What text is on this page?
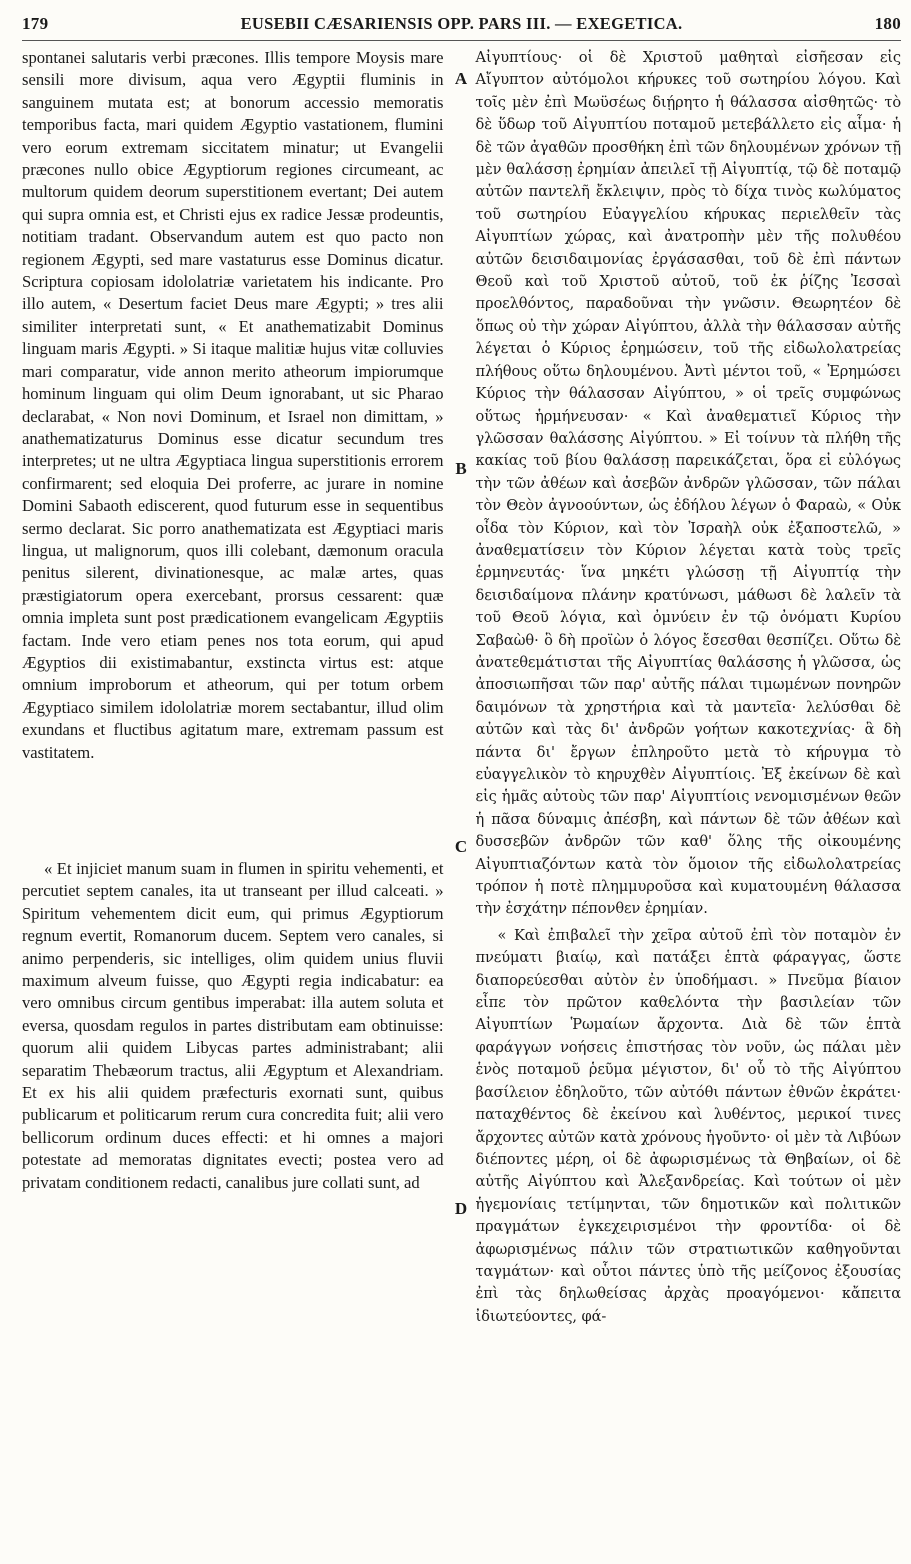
179	EUSEBII CÆSARIENSIS OPP. PARS III. — EXEGETICA.	180

spontanei salutaris verbi præcones. Illis tempore Moysis mare sensili more divisum, aqua vero Ægyptii fluminis in sanguinem mutata est; at bonorum accessio memoratis temporibus facta, mari quidem Ægyptio vastationem, flumini vero eorum extremam siccitatem minatur; ut Evangelii præcones nullo obice Ægyptiorum regiones circumeant, ac multorum quidem deorum superstitionem evertant; Dei autem qui supra omnia est, et Christi ejus ex radice Jessæ prodeuntis, notitiam tradant. Observandum autem est quo pacto non regionem Ægypti, sed mare vastaturus esse Dominus dicatur. Scriptura copiosam idololatriæ varietatem his indicante. Pro illo autem, « Desertum faciet Deus mare Ægypti; » tres alii similiter interpretati sunt, « Et anathematizabit Dominus linguam maris Ægypti. » Si itaque malitiæ hujus vitæ colluvies mari comparatur, vide annon merito atheorum impiorumque hominum linguam qui olim Deum ignorabant, ut sic Pharao declarabat, « Non novi Dominum, et Israel non dimittam, » anathematizaturus Dominus esse dicatur secundum tres interpretes; ut ne ultra Ægyptiaca lingua superstitionis errorem confirmarent; sed eloquia Dei proferre, ac jurare in nomine Domini Sabaoth ediscerent, quod futurum esse in sequentibus sermo declarat. Sic porro anathematizata est Ægyptiaci maris lingua, ut malignorum, quos illi colebant, dæmonum oracula penitus silerent, divinationesque, ac malæ artes, quas præstigiatorum opera exercebant, prorsus cessarent: quæ omnia impleta sunt post prædicationem evangelicam Ægyptiis factam. Inde vero etiam penes nos tota eorum, qui apud Ægyptios dii existimabantur, exstincta virtus est: atque omnium improborum et atheorum, qui per totum orbem Ægyptiaco similem idololatriæ morem sectabantur, illud olim exundans et fluctibus agitatum mare, extremam passum est vastitatem.

« Et injiciet manum suam in flumen in spiritu vehementi, et percutiet septem canales, ita ut transeant per illud calceati. » Spiritum vehementem dicit eum, qui primus Ægyptiorum regnum evertit, Romanorum ducem. Septem vero canales, si animo perpenderis, sic intelliges, olim quidem unius fluvii maximum alveum fuisse, quo Ægypti regia indicabatur: ea vero omnibus circum gentibus imperabat: illa autem soluta et eversa, quosdam regulos in partes distributam eam obtinuisse: quorum alii quidem Libycas partes administrabant; alii separatim Thebæorum tractus, alii Ægyptum et Alexandriam. Et ex his alii quidem præfecturis exornati sunt, quibus publicarum et politicarum rerum cura concredita fuit; alii vero bellicorum ordinum duces effecti: et hi omnes a majori potestate ad memoratas dignitates evecti; postea vero ad privatam conditionem redacti, canalibus jure collati sunt, ad

Αἰγυπτίους· οἱ δὲ Χριστοῦ μαθηταὶ εἰσῆεσαν εἰς Αἴγυπτον αὐτόμολοι κήρυκες τοῦ σωτηρίου λόγου. Καὶ τοῖς μὲν ἐπὶ Μωϋσέως διῄρητο ἡ θάλασσα αἰσθητῶς· τὸ δὲ ὕδωρ τοῦ Αἰγυπτίου ποταμοῦ μετεβάλλετο εἰς αἷμα· ἡ δὲ τῶν ἀγαθῶν προσθήκη ἐπὶ τῶν δηλουμένων χρόνων τῇ μὲν θαλάσσῃ ἐρημίαν ἀπειλεῖ τῇ Αἰγυπτίᾳ, τῷ δὲ ποταμῷ αὐτῶν παντελῆ ἔκλειψιν, πρὸς τὸ δίχα τινὸς κωλύματος τοῦ σωτηρίου Εὐαγγελίου κήρυκας περιελθεῖν τὰς Αἰγυπτίων χώρας, καὶ ἀνατροπὴν μὲν τῆς πολυθέου αὐτῶν δεισιδαιμονίας ἐργάσασθαι, τοῦ δὲ ἐπὶ πάντων Θεοῦ καὶ τοῦ Χριστοῦ αὐτοῦ, τοῦ ἐκ ῥίζης Ἰεσσαὶ προελθόντος, παραδοῦναι τὴν γνῶσιν. Θεωρητέον δὲ ὅπως οὐ τὴν χώραν Αἰγύπτου, ἀλλὰ τὴν θάλασσαν αὐτῆς λέγεται ὁ Κύριος ἐρημώσειν, τοῦ τῆς εἰδωλολατρείας πλήθους οὕτω δηλουμένου. Ἀντὶ μέντοι τοῦ, « Ἐρημώσει Κύριος τὴν θάλασσαν Αἰγύπτου, » οἱ τρεῖς συμφώνως οὕτως ἡρμήνευσαν· « Καὶ ἀναθεματιεῖ Κύριος τὴν γλῶσσαν θαλάσσης Αἰγύπτου. » Εἰ τοίνυν τὰ πλήθη τῆς κακίας τοῦ βίου θαλάσσῃ παρεικάζεται, ὅρα εἰ εὐλόγως τὴν τῶν ἀθέων καὶ ἀσεβῶν ἀνδρῶν γλῶσσαν, τῶν πάλαι τὸν Θεὸν ἀγνοούντων, ὡς ἐδήλου λέγων ὁ Φαραὼ, « Οὐκ οἶδα τὸν Κύριον, καὶ τὸν Ἰσραὴλ οὐκ ἐξαποστελῶ, » ἀναθεματίσειν τὸν Κύριον λέγεται κατὰ τοὺς τρεῖς ἑρμηνευτάς· ἵνα μηκέτι γλώσσῃ τῇ Αἰγυπτίᾳ τὴν δεισιδαίμονα πλάνην κρατύνωσι, μάθωσι δὲ λαλεῖν τὰ τοῦ Θεοῦ λόγια, καὶ ὀμνύειν ἐν τῷ ὀνόματι Κυρίου Σαβαὼθ· ὃ δὴ προϊὼν ὁ λόγος ἔσεσθαι θεσπίζει. Οὕτω δὲ ἀνατεθεμάτισται τῆς Αἰγυπτίας θαλάσσης ἡ γλῶσσα, ὡς ἀποσιωπῆσαι τῶν παρ' αὐτῆς πάλαι τιμωμένων πονηρῶν δαιμόνων τὰ χρηστήρια καὶ τὰ μαντεῖα· λελύσθαι δὲ αὐτῶν καὶ τὰς δι' ἀνδρῶν γοήτων κακοτεχνίας· ἃ δὴ πάντα δι' ἔργων ἐπληροῦτο μετὰ τὸ κήρυγμα τὸ εὐαγγελικὸν τὸ κηρυχθὲν Αἰγυπτίοις. Ἐξ ἐκείνων δὲ καὶ εἰς ἡμᾶς αὐτοὺς τῶν παρ' Αἰγυπτίοις νενομισμένων θεῶν ἡ πᾶσα δύναμις ἀπέσβη, καὶ πάντων δὲ τῶν ἀθέων καὶ δυσσεβῶν ἀνδρῶν τῶν καθ' ὅλης τῆς οἰκουμένης Αἰγυπτιαζόντων κατὰ τὸν ὅμοιον τῆς εἰδωλολατρείας τρόπον ἡ ποτὲ πλημμυροῦσα καὶ κυματουμένη θάλασσα τὴν ἐσχάτην πέπονθεν ἐρημίαν.

« Καὶ ἐπιβαλεῖ τὴν χεῖρα αὐτοῦ ἐπὶ τὸν ποταμὸν ἐν πνεύματι βιαίῳ, καὶ πατάξει ἑπτὰ φάραγγας, ὥστε διαπορεύεσθαι αὐτὸν ἐν ὑποδήμασι. » Πνεῦμα βίαιον εἶπε τὸν πρῶτον καθελόντα τὴν βασιλείαν τῶν Αἰγυπτίων Ῥωμαίων ἄρχοντα. Διὰ δὲ τῶν ἑπτὰ φαράγγων νοήσεις ἐπιστήσας τὸν νοῦν, ὡς πάλαι μὲν ἑνὸς ποταμοῦ ῥεῦμα μέγιστον, δι' οὗ τὸ τῆς Αἰγύπτου βασίλειον ἐδηλοῦτο, τῶν αὐτόθι πάντων ἐθνῶν ἐκράτει· παταχθέντος δὲ ἐκείνου καὶ λυθέντος, μερικοί τινες ἄρχοντες αὐτῶν κατὰ χρόνους ἡγοῦντο· οἱ μὲν τὰ Λιβύων διέποντες μέρη, οἱ δὲ ἀφωρισμένως τὰ Θηβαίων, οἱ δὲ αὐτῆς Αἰγύπτου καὶ Ἀλεξανδρείας. Καὶ τούτων οἱ μὲν ἡγεμονίαις τετίμηνται, τῶν δημοτικῶν καὶ πολιτικῶν πραγμάτων ἐγκεχειρισμένοι τὴν φροντίδα· οἱ δὲ ἀφωρισμένως πάλιν τῶν στρατιωτικῶν καθηγοῦνται ταγμάτων· καὶ οὗτοι πάντες ὑπὸ τῆς μείζονος ἐξουσίας ἐπὶ τὰς δηλωθείσας ἀρχὰς προαγόμενοι· κἄπειτα ἰδιωτεύοντες, φά-

A
B
C
D
